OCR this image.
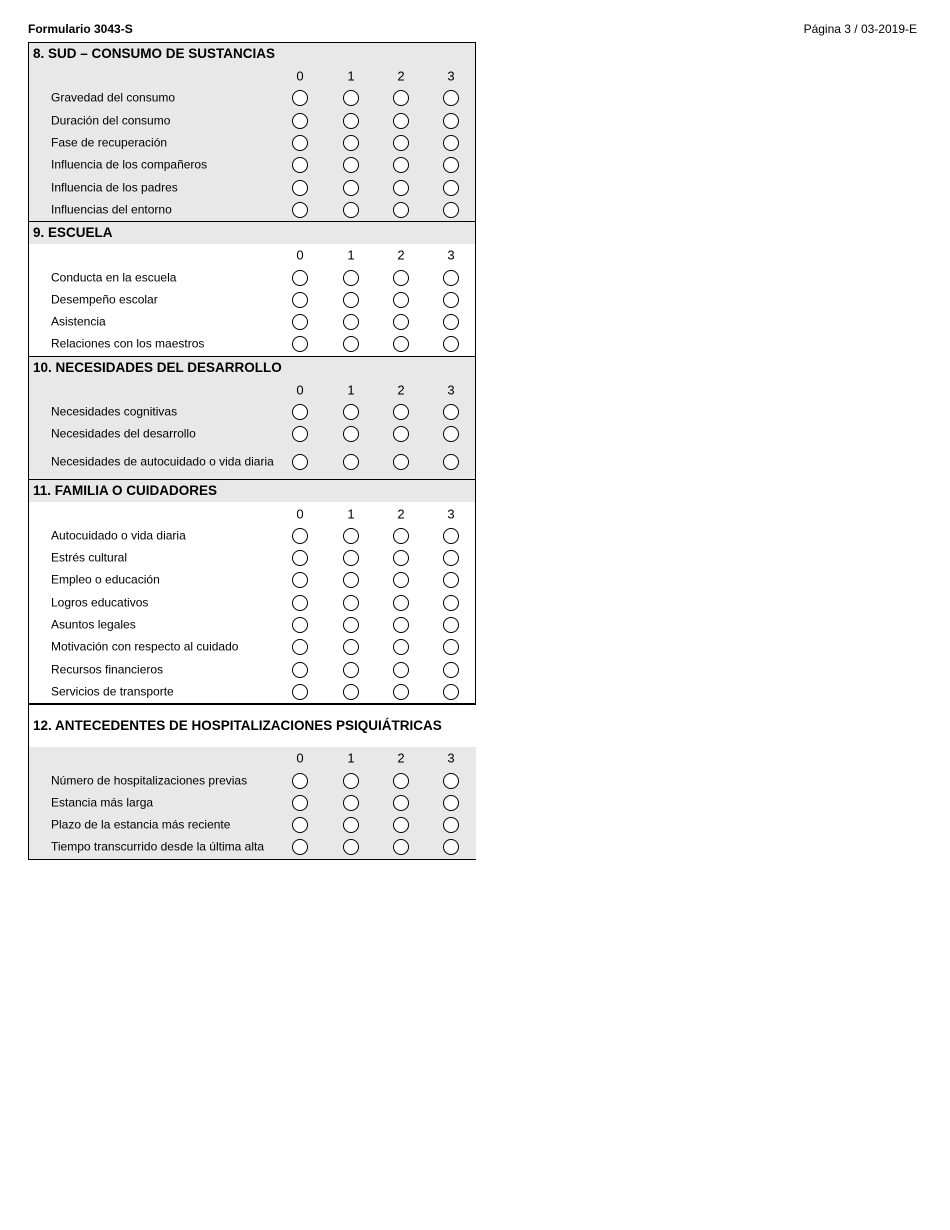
Formulario 3043-S	Página 3 / 03-2019-E
8. SUD – CONSUMO DE SUSTANCIAS
0	1	2	3
Gravedad del consumo
Duración del consumo
Fase de recuperación
Influencia de los compañeros
Influencia de los padres
Influencias del entorno
9. ESCUELA
0	1	2	3
Conducta en la escuela
Desempeño escolar
Asistencia
Relaciones con los maestros
10. NECESIDADES DEL DESARROLLO
0	1	2	3
Necesidades cognitivas
Necesidades del desarrollo
Necesidades de autocuidado o vida diaria
11. FAMILIA O CUIDADORES
0	1	2	3
Autocuidado o vida diaria
Estrés cultural
Empleo o educación
Logros educativos
Asuntos legales
Motivación con respecto al cuidado
Recursos financieros
Servicios de transporte
12. ANTECEDENTES DE HOSPITALIZACIONES PSIQUIÁTRICAS
0	1	2	3
Número de hospitalizaciones previas
Estancia más larga
Plazo de la estancia más reciente
Tiempo transcurrido desde la última alta
